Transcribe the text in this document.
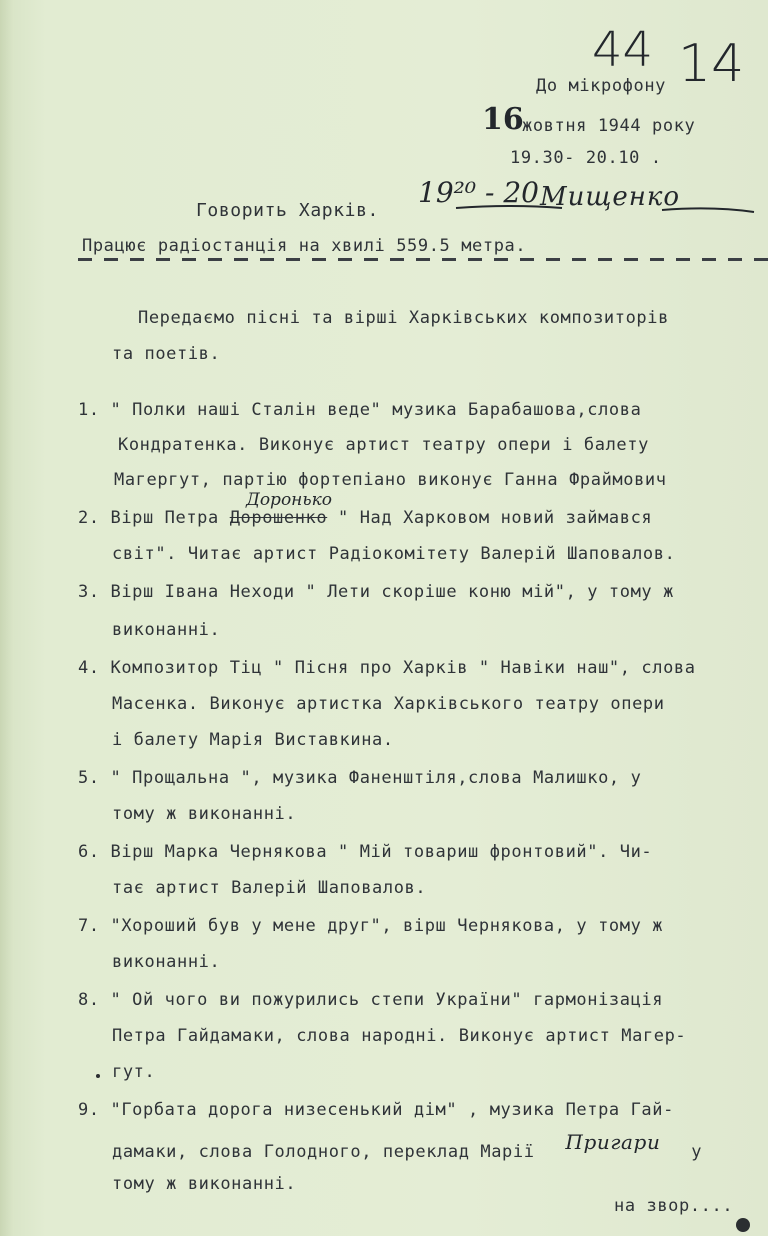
44 14
До мікрофону
16
жовтня 1944 року
19.30- 20.10 .
Говорить Харків.
19²⁰ - 20 Мищенко
Працює радіостанція на хвилі 559.5 метра.
Передаємо пісні та вірші Харківських композиторів
та поетів.
1. " Полки наші Сталін веде" музика Барабашова,слова
Кондратенка. Виконує артист театру опери і балету
Магергут, партію фортепіано виконує Ганна Фраймович
2. Вірш Петра Дорошенко " Над Харковом новий займався
Доронько
світ". Читає артист Радіокомітету Валерій Шаповалов.
3. Вірш Івана Неходи " Лети скоріше коню мій", у тому ж
виконанні.
4. Композитор Тіц " Пісня про Харків " Навіки наш", слова
Масенка. Виконує артистка Харківського театру опери
і балету Марія Виставкина.
5. " Прощальна ", музика Фаненштіля,слова Малишко, у
тому ж виконанні.
6. Вірш Марка Чернякова " Мій товариш фронтовий". Чи-
тає артист Валерій Шаповалов.
7. "Хороший був у мене друг", вірш Чернякова, у тому ж
виконанні.
8. " Ой чого ви пожурились степи України" гармонізація
Петра Гайдамаки, слова народні. Виконує артист Магер-
гут.
9. "Горбата дорога низесенький дім" , музика Петра Гай-
дамаки, слова Голодного, переклад Марії Пригари у
тому ж виконанні.
на звор....
